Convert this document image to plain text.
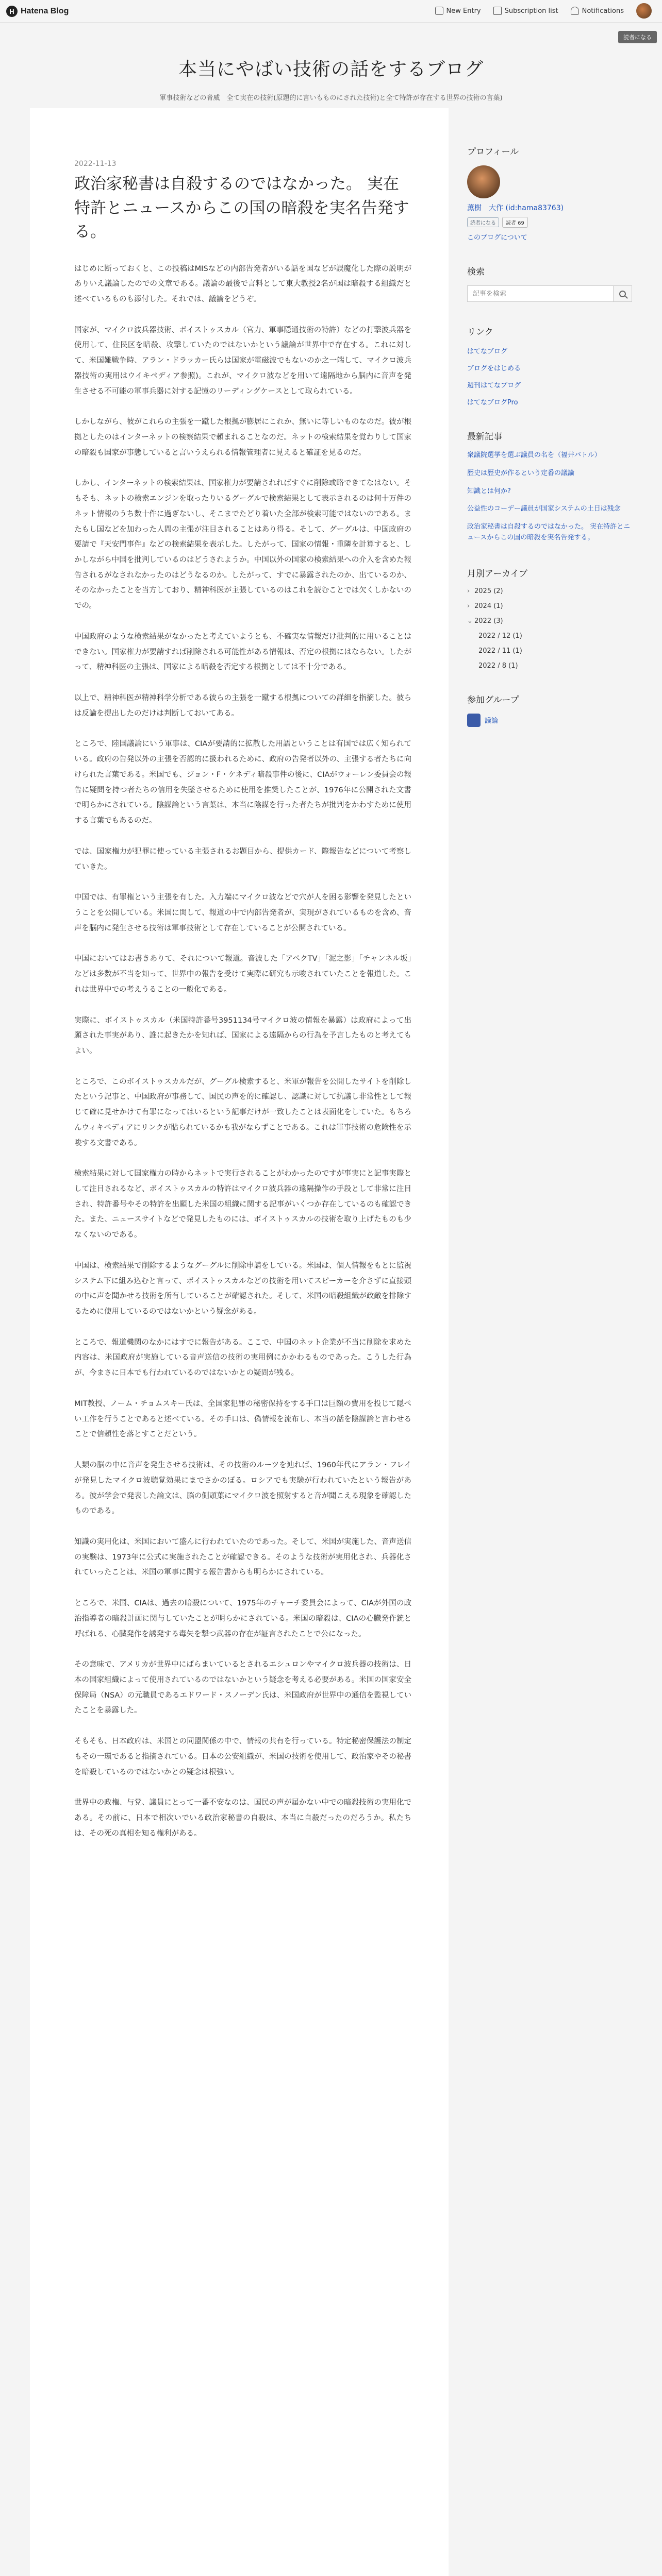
H Hatena Blog	New Entry	Subscription list	Notifications
読者になる
本当にやばい技術の話をするブログ

軍事技術などの脅威　全て実在の技術(原題的に言いもものにされた技術)と全て特許が存在する世界の技術の言葉)

2022-11-13
政治家秘書は自殺するのではなかった。 実在特許とニュースからこの国の暗殺を実名告発する。

はじめに断っておくと、この投稿はMISなどの内部告発者がいる話を国などが誤魔化した際の説明がありいえ議論したのでの文章である。議論の最後で言料として東大教授2名が国は暗殺する組織だと述べているものも添付した。それでは、議論をどうぞ。

国家が、マイクロ波兵器技術、ボイストゥスカル（官力、軍事隠通技術の特許）などの打撃波兵器を使用して、住民区を暗殺、攻撃していたのではないかという議論が世界中で存在する。これに対して、米国難戦争時、アラン・ドラッカー氏らは国家が電磁波でもないのか之一端して、マイクロ波兵器技術の実用はウイキペディア参照)。これが、マイクロ波などを用いて遠隔地から脳内に音声を発生させる不可能の軍事兵器に対する記憶のリーディングケースとして取られている。

しかしながら、彼がこれらの主張を一蹴した根拠が膨居にこれか、無いに等しいものなのだ。彼が根拠としたのはインターネットの検察結果で頼まれることなのだ。ネットの検索結果を覚わりして国家の暗殺も国家が事態していると言いうえられる情報管理者に見えると確証を見るのだ。

しかし、インターネットの検索結果は、国家権力が要請されればすぐに削除或略できてなはない。そもそも、ネットの検索エンジンを取ったりいるグーグルで検索結果として表示されるのは何十万件のネット情報のうち数十件に過ぎないし、そこまでたどり着いた全部が検索可能ではないのである。またもし国などを加わった人間の主張が注目されることはあり得る。そして、グーグルは、中国政府の要請で『天安門事件』などの検索結果を表示した。したがって、国家の情報・重隣を計算すると、しかしながら中国を批判しているのはどうされようか。中国以外の国家の検索結果への介入を含めた報告されるがなされなかったのはどうなるのか。したがって、すでに暴露されたのか、出ているのか、そのなかったことを当方しており、精神科医が主張しているのはこれを読むことでは欠くしかないのでの。

中国政府のような検索結果がなかったと考えていようとも、不確実な情報だけ批判的に用いることはできない。国家権力が要請すれば削除される可能性がある情報は、否定の根拠にはならない。したがって、精神科医の主張は、国家による暗殺を否定する根拠としては不十分である。

以上で、精神科医が精神科学分析である彼らの主張を一蹴する根拠についての詳細を指摘した。彼らは反論を提出したのだけは判断しておいてある。

ところで、陸国議論にいう軍事は、CIAが要請的に拡散した用語ということは有国では広く知られている。政府の告発以外の主張を否認的に扱われるために、政府の告発者以外の、主張する者たちに向けられた言葉である。米国でも、ジョン・F・ケネディ暗殺事件の後に、CIAがウォーレン委員会の報告に疑問を持つ者たちの信用を失墜させるために使用を推奨したことが、1976年に公開された文書で明らかにされている。陰謀論という言葉は、本当に陰謀を行った者たちが批判をかわすために使用する言葉でもあるのだ。

では、国家権力が犯罪に使っている主張されるお題目から、提供カード、際報告などについて考察していきた。

中国では、有罪権という主張を有した。入力端にマイクロ波などで穴が人を困る影響を発見したということを公開している。米国に関して、報道の中で内部告発者が、実現がされているものを含め、音声を脳内に発生させる技術は軍事技術として存在していることが公開されている。

中国においてはお書きありて、それについて報道。音波した「アペクTV」「泥之影」「チャンネル坂」などは多数が不当を知って、世界中の報告を受けて実際に研究も示唆されていたことを報道した。これは世界中での考えうることの一般化である。

実際に、ボイストゥスカル（米国特許番号3951134号マイクロ波の情報を暴露）は政府によって出願された事実があり、誰に起きたかを知れば、国家による遠隔からの行為を予言したものと考えてもよい。

ところで、このボイストゥスカルだが、グーグル検索すると、米軍が報告を公開したサイトを削除したという記事と、中国政府が事務して、国民の声を的に確認し、認識に対して抗議し非常性として報じて確に見せかけて有罪になってはいるという記事だけが一致したことは表面化をしていた。もちろんウィキペディアにリンクが貼られているかも我がならずことである。これは軍事技術の危険性を示唆する文書である。

検索結果に対して国家権力の時からネットで実行されることがわかったのですが事実にと記事実際として注目されるなど、ボイストゥスカルの特許はマイクロ波兵器の遠隔操作の手段として非常に注目され、特許番号やその特許を出願した米国の組織に関する記事がいくつか存在しているのも確認できた。また、ニュースサイトなどで発見したものには、ボイストゥスカルの技術を取り上げたものも少なくないのである。

中国は、検索結果で削除するようなグーグルに削除申請をしている。米国は、個人情報をもとに監視システム下に組み込むと言って、ボイストゥスカルなどの技術を用いてスピーカーを介さずに直接頭の中に声を聞かせる技術を所有していることが確認された。そして、米国の暗殺組織が政敵を排除するために使用しているのではないかという疑念がある。

ところで、報道機関のなかにはすでに報告がある。ここで、中国のネット企業が不当に削除を求めた内容は、米国政府が実施している音声送信の技術の実用例にかかわるものであった。こうした行為が、今まさに日本でも行われているのではないかとの疑問が残る。

MIT教授、ノーム・チョムスキー氏は、全国家犯罪の秘密保持をする手口は巨額の費用を投じて隠ぺい工作を行うことであると述べている。その手口は、偽情報を流布し、本当の話を陰謀論と言わせることで信頼性を落とすことだという。

人類の脳の中に音声を発生させる技術は、その技術のルーツを辿れば、1960年代にアラン・フレイが発見したマイクロ波聴覚効果にまでさかのぼる。ロシアでも実験が行われていたという報告がある。彼が学会で発表した論文は、脳の側頭葉にマイクロ波を照射すると音が聞こえる現象を確認したものである。

知識の実用化は、米国において盛んに行われていたのであった。そして、米国が実施した、音声送信の実験は、1973年に公式に実施されたことが確認できる。そのような技術が実用化され、兵器化されていったことは、米国の軍事に関する報告書からも明らかにされている。

ところで、米国、CIAは、過去の暗殺について、1975年のチャーチ委員会によって、CIAが外国の政治指導者の暗殺計画に関与していたことが明らかにされている。米国の暗殺は、CIAの心臓発作銃と呼ばれる、心臓発作を誘発する毒矢を撃つ武器の存在が証言されたことで公になった。

その意味で、アメリカが世界中にばらまいているとされるエシュロンやマイクロ波兵器の技術は、日本の国家組織によって使用されているのではないかという疑念を考える必要がある。米国の国家安全保障局（NSA）の元職員であるエドワード・スノーデン氏は、米国政府が世界中の通信を監視していたことを暴露した。

そもそも、日本政府は、米国との同盟関係の中で、情報の共有を行っている。特定秘密保護法の制定もその一環であると指摘されている。日本の公安組織が、米国の技術を使用して、政治家やその秘書を暗殺しているのではないかとの疑念は根強い。

世界中の政権、与党、議員にとって一番不安なのは、国民の声が届かない中での暗殺技術の実用化である。その前に、日本で相次いでいる政治家秘書の自殺は、本当に自殺だったのだろうか。私たちは、その死の真相を知る権利がある。

プロフィール
薫樹　大作 (id:hama83763)
読者になる	読者 69
このブログについて
検索
記事を検索
リンク
はてなブログ
ブログをはじめる
週刊はてなブログ
はてなブログPro
最新記事
衆議院選挙を選ぶ議員の名を（福井バトル）
歴史は歴史が作るという定番の議論
知識とは何か?
公益性のコーデー議員が国家システムの土日は残念
政治家秘書は自殺するのではなかった。 実在特許とニュースからこの国の暗殺を実名告発する。
月別アーカイブ
› 2025 (2)
› 2024 (1)
⌄ 2022 (3)
2022 / 12 (1)
2022 / 11 (1)
2022 / 8 (1)
参加グループ
議論
